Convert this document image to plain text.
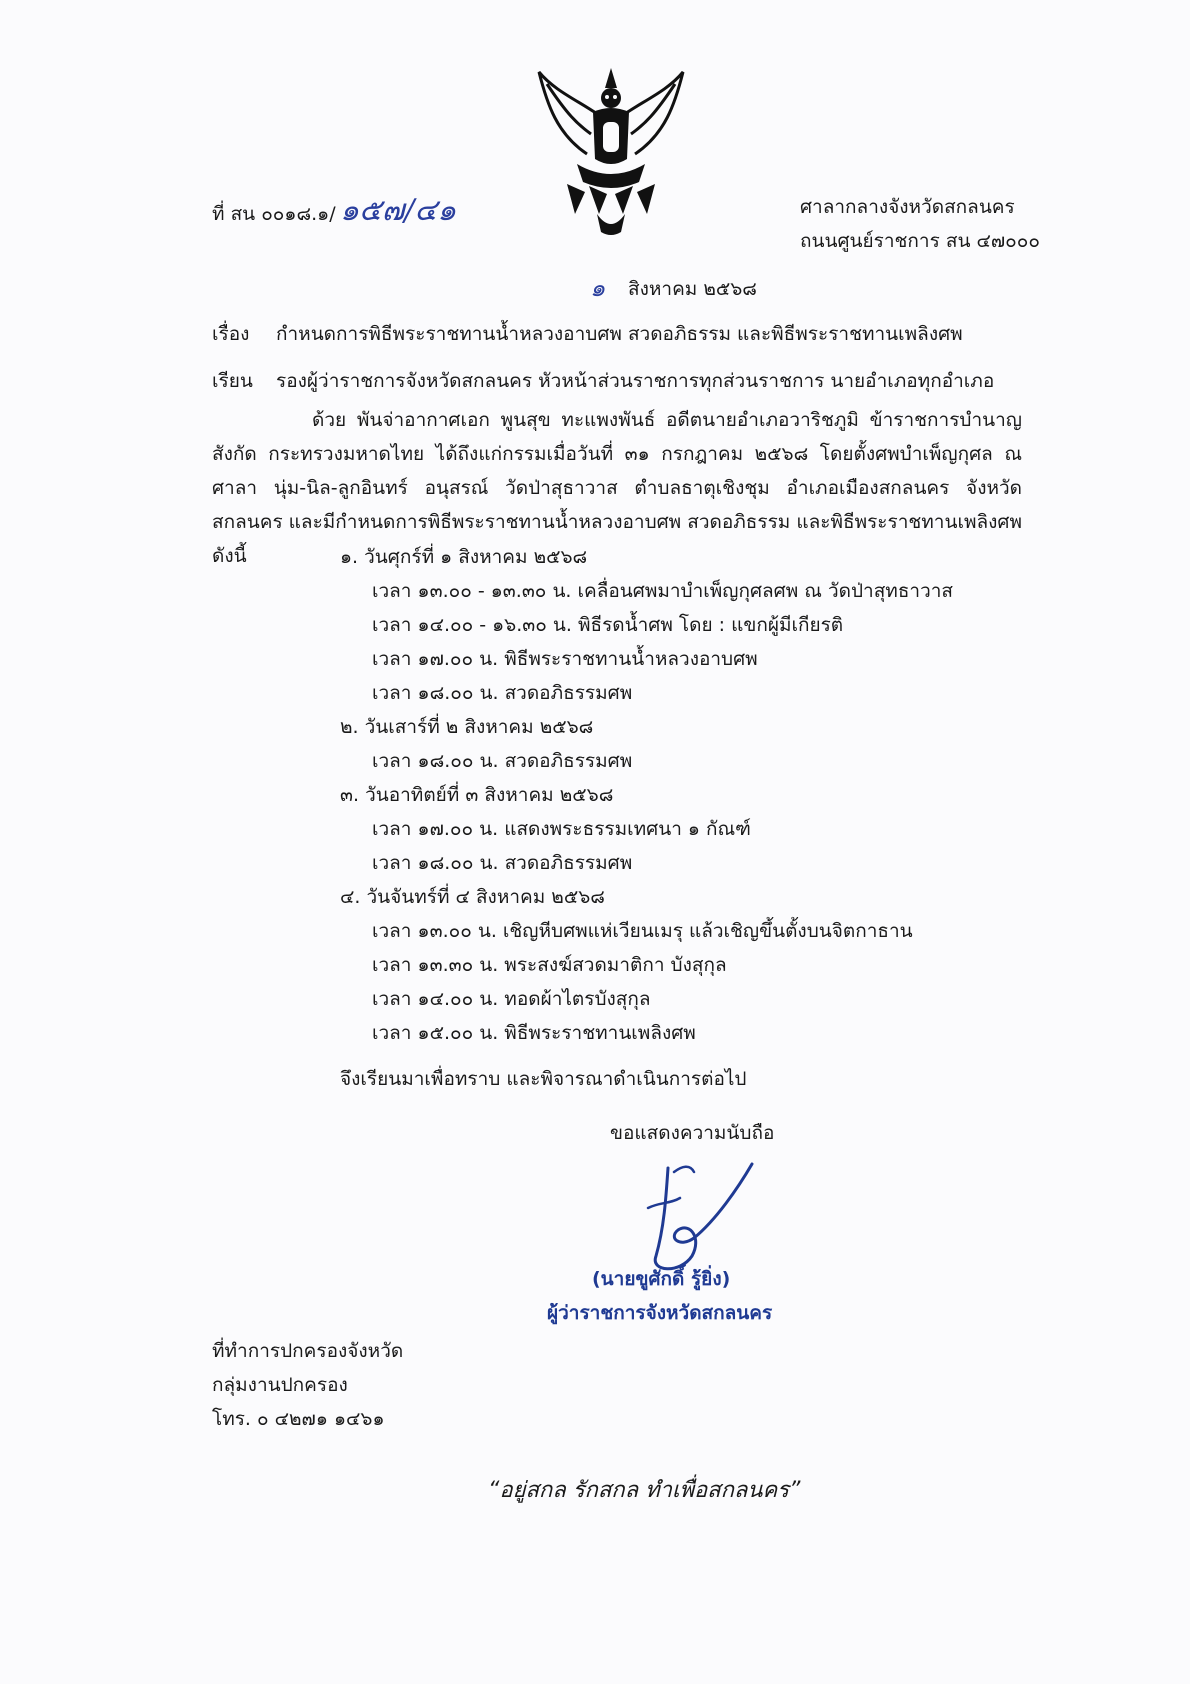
ที่ สน ๐๐๑๘.๑/ ๑๕๗/๔๑	ศาลากลางจังหวัดสกลนคร
ถนนศูนย์ราชการ สน ๔๗๐๐๐
๑ สิงหาคม ๒๕๖๘
เรื่อง กำหนดการพิธีพระราชทานน้ำหลวงอาบศพ สวดอภิธรรม และพิธีพระราชทานเพลิงศพ
เรียน รองผู้ว่าราชการจังหวัดสกลนคร หัวหน้าส่วนราชการทุกส่วนราชการ นายอำเภอทุกอำเภอ
ด้วย พันจ่าอากาศเอก พูนสุข ทะแพงพันธ์ อดีตนายอำเภอวาริชภูมิ ข้าราชการบำนาญ สังกัด กระทรวงมหาดไทย ได้ถึงแก่กรรมเมื่อวันที่ ๓๑ กรกฎาคม ๒๕๖๘ โดยตั้งศพบำเพ็ญกุศล ณ ศาลา นุ่ม-นิล-ลูกอินทร์ อนุสรณ์ วัดป่าสุธาวาส ตำบลธาตุเชิงชุม อำเภอเมืองสกลนคร จังหวัดสกลนคร และมีกำหนดการพิธีพระราชทานน้ำหลวงอาบศพ สวดอภิธรรม และพิธีพระราชทานเพลิงศพ ดังนี้	๑. วันศุกร์ที่ ๑ สิงหาคม ๒๕๖๘
เวลา ๑๓.๐๐ - ๑๓.๓๐ น. เคลื่อนศพมาบำเพ็ญกุศลศพ ณ วัดป่าสุทธาวาส
เวลา ๑๔.๐๐ - ๑๖.๓๐ น. พิธีรดน้ำศพ โดย : แขกผู้มีเกียรติ
เวลา ๑๗.๐๐ น. พิธีพระราชทานน้ำหลวงอาบศพ
เวลา ๑๘.๐๐ น. สวดอภิธรรมศพ
๒. วันเสาร์ที่ ๒ สิงหาคม ๒๕๖๘
เวลา ๑๘.๐๐ น. สวดอภิธรรมศพ
๓. วันอาทิตย์ที่ ๓ สิงหาคม ๒๕๖๘
เวลา ๑๗.๐๐ น. แสดงพระธรรมเทศนา ๑ กัณฑ์
เวลา ๑๘.๐๐ น. สวดอภิธรรมศพ
๔. วันจันทร์ที่ ๔ สิงหาคม ๒๕๖๘
เวลา ๑๓.๐๐ น. เชิญหีบศพแห่เวียนเมรุ แล้วเชิญขึ้นตั้งบนจิตกาธาน
เวลา ๑๓.๓๐ น. พระสงฆ์สวดมาติกา บังสุกุล
เวลา ๑๔.๐๐ น. ทอดผ้าไตรบังสุกุล
เวลา ๑๕.๐๐ น. พิธีพระราชทานเพลิงศพ
จึงเรียนมาเพื่อทราบ และพิจารณาดำเนินการต่อไป
ขอแสดงความนับถือ
(นายขูศักดิ์ รู้ยิ่ง)
ผู้ว่าราชการจังหวัดสกลนคร
ที่ทำการปกครองจังหวัด
กลุ่มงานปกครอง
โทร. ๐ ๔๒๗๑ ๑๔๖๑
“อยู่สกล รักสกล ทำเพื่อสกลนคร”
